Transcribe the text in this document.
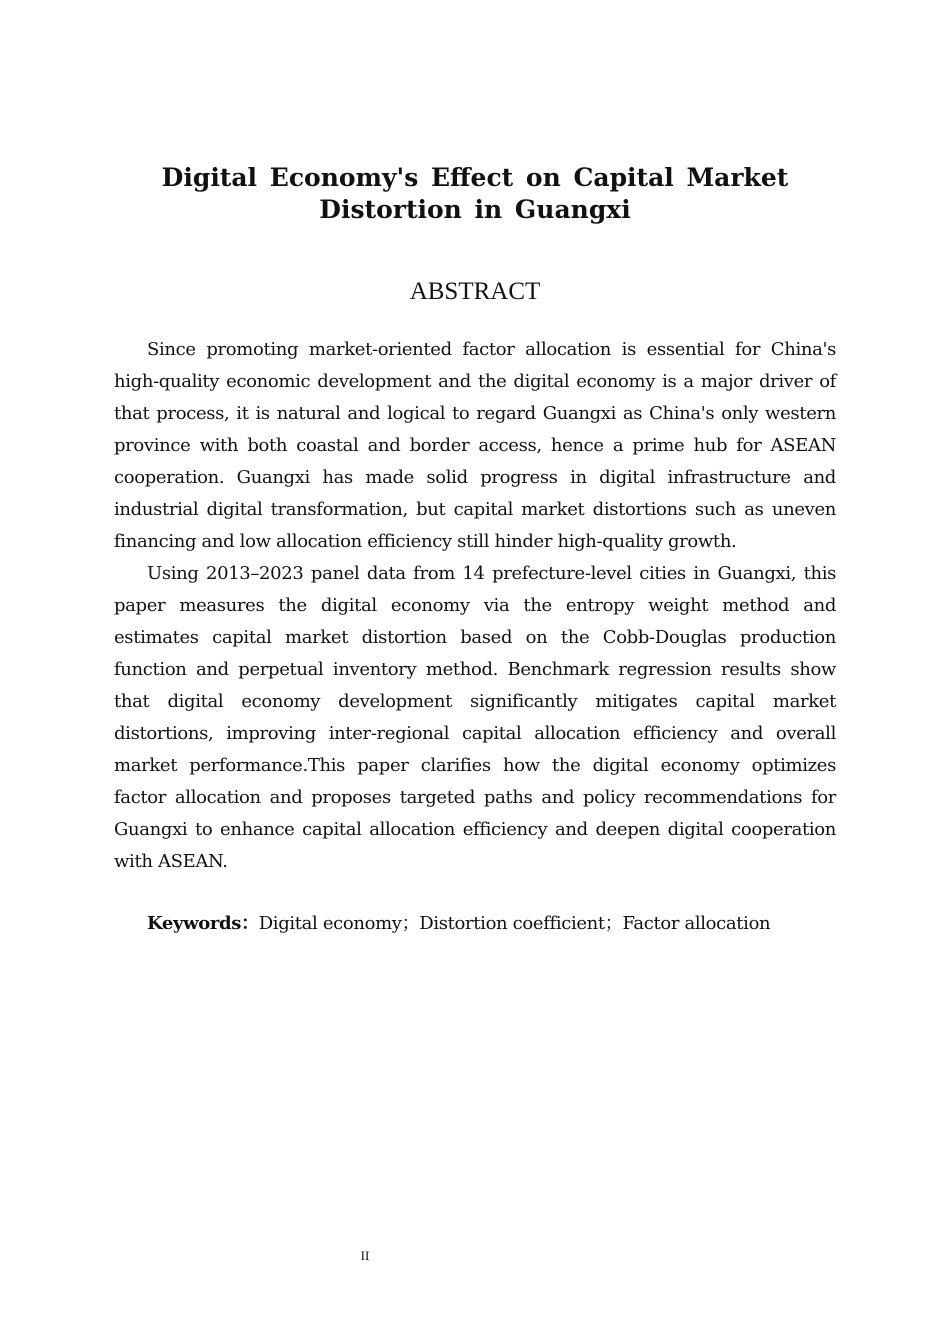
Digital Economy's Effect on Capital Market Distortion in Guangxi
ABSTRACT

Since promoting market-oriented factor allocation is essential for China's high-quality economic development and the digital economy is a major driver of that process, it is natural and logical to regard Guangxi as China's only western province with both coastal and border access, hence a prime hub for ASEAN cooperation. Guangxi has made solid progress in digital infrastructure and industrial digital transformation, but capital market distortions such as uneven financing and low allocation efficiency still hinder high-quality growth.

Using 2013–2023 panel data from 14 prefecture-level cities in Guangxi, this paper measures the digital economy via the entropy weight method and estimates capital market distortion based on the Cobb-Douglas production function and perpetual inventory method. Benchmark regression results show that digital economy development significantly mitigates capital market distortions, improving inter-regional capital allocation efficiency and overall market performance.This paper clarifies how the digital economy optimizes factor allocation and proposes targeted paths and policy recommendations for Guangxi to enhance capital allocation efficiency and deepen digital cooperation with ASEAN.

Keywords：Digital economy；Distortion coefficient；Factor allocation
II
